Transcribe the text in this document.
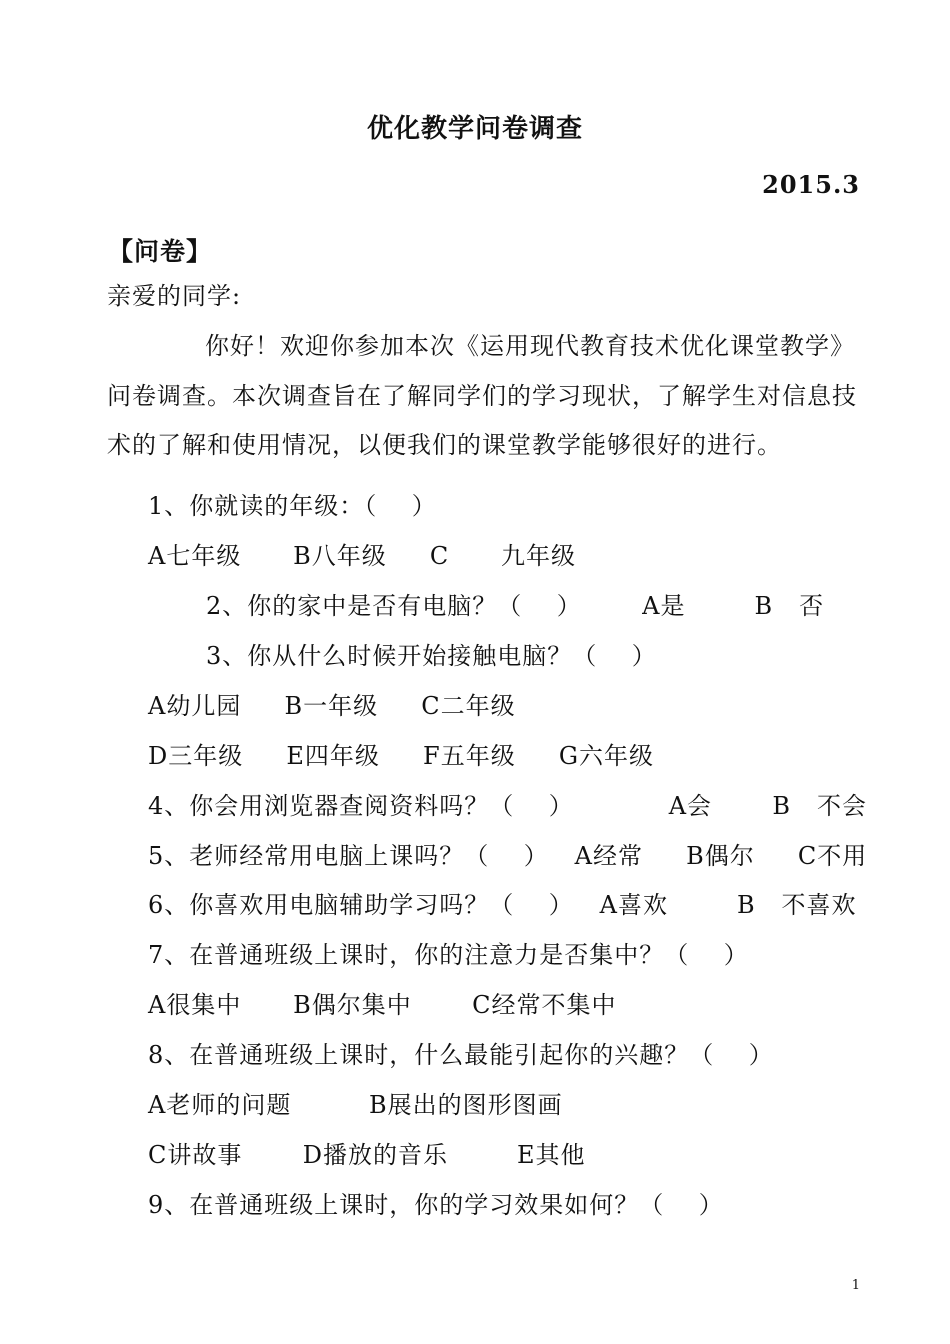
优化教学问卷调查
2015.3
【问卷】
亲爱的同学:
你好！欢迎你参加本次《运用现代教育技术优化课堂教学》
问卷调查。本次调查旨在了解同学们的学习现状，了解学生对信息技
术的了解和使用情况，以便我们的课堂教学能够很好的进行。
1、你就读的年级：（    ）
A七年级      B八年级     C      九年级
2、你的家中是否有电脑？（    ）       A是        B   否
3、你从什么时候开始接触电脑？（    ）
A幼儿园     B一年级     C二年级
D三年级     E四年级     F五年级     G六年级
4、你会用浏览器查阅资料吗？（    ）           A会       B   不会
5、老师经常用电脑上课吗？（    ）   A经常     B偶尔     C不用
6、你喜欢用电脑辅助学习吗？（    ）   A喜欢        B   不喜欢
7、在普通班级上课时，你的注意力是否集中？（    ）
A很集中      B偶尔集中       C经常不集中
8、在普通班级上课时，什么最能引起你的兴趣？（    ）
A老师的问题         B展出的图形图画
C讲故事       D播放的音乐        E其他
9、在普通班级上课时，你的学习效果如何？（    ）
1
